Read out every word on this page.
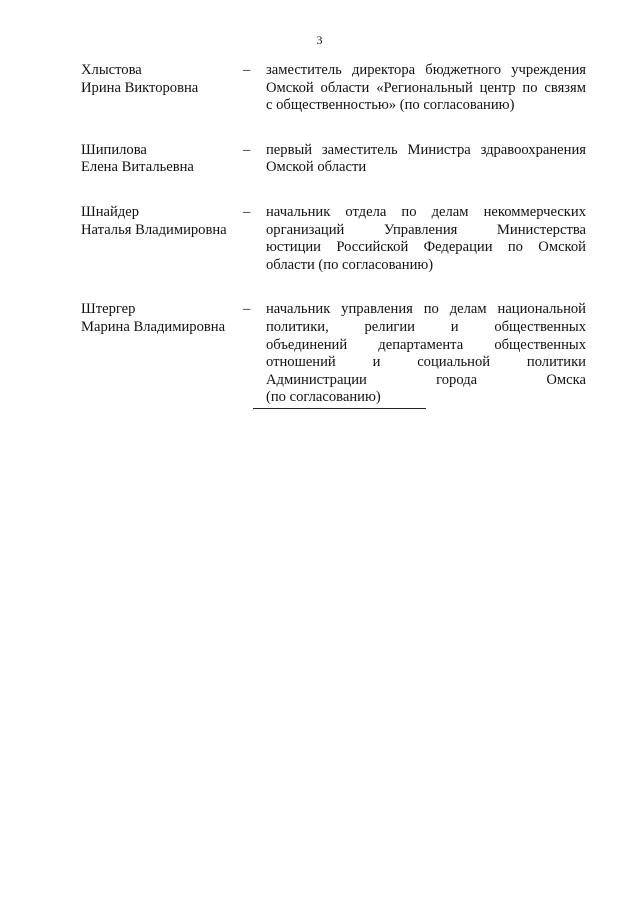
3
Хлыстова
Ирина Викторовна
–	заместитель директора бюджетного учреждения
Омской области «Региональный центр по связям
с общественностью» (по согласованию)
Шипилова
Елена Витальевна
–	первый заместитель Министра здравоохранения
Омской области
Шнайдер
Наталья Владимировна
–	начальник отдела по делам некоммерческих
организаций Управления Министерства
юстиции Российской Федерации по Омской
области (по согласованию)
Штергер
Марина Владимировна
–	начальник управления по делам национальной
политики, религии и общественных
объединений департамента общественных
отношений и социальной политики
Администрации города Омска
(по согласованию)
